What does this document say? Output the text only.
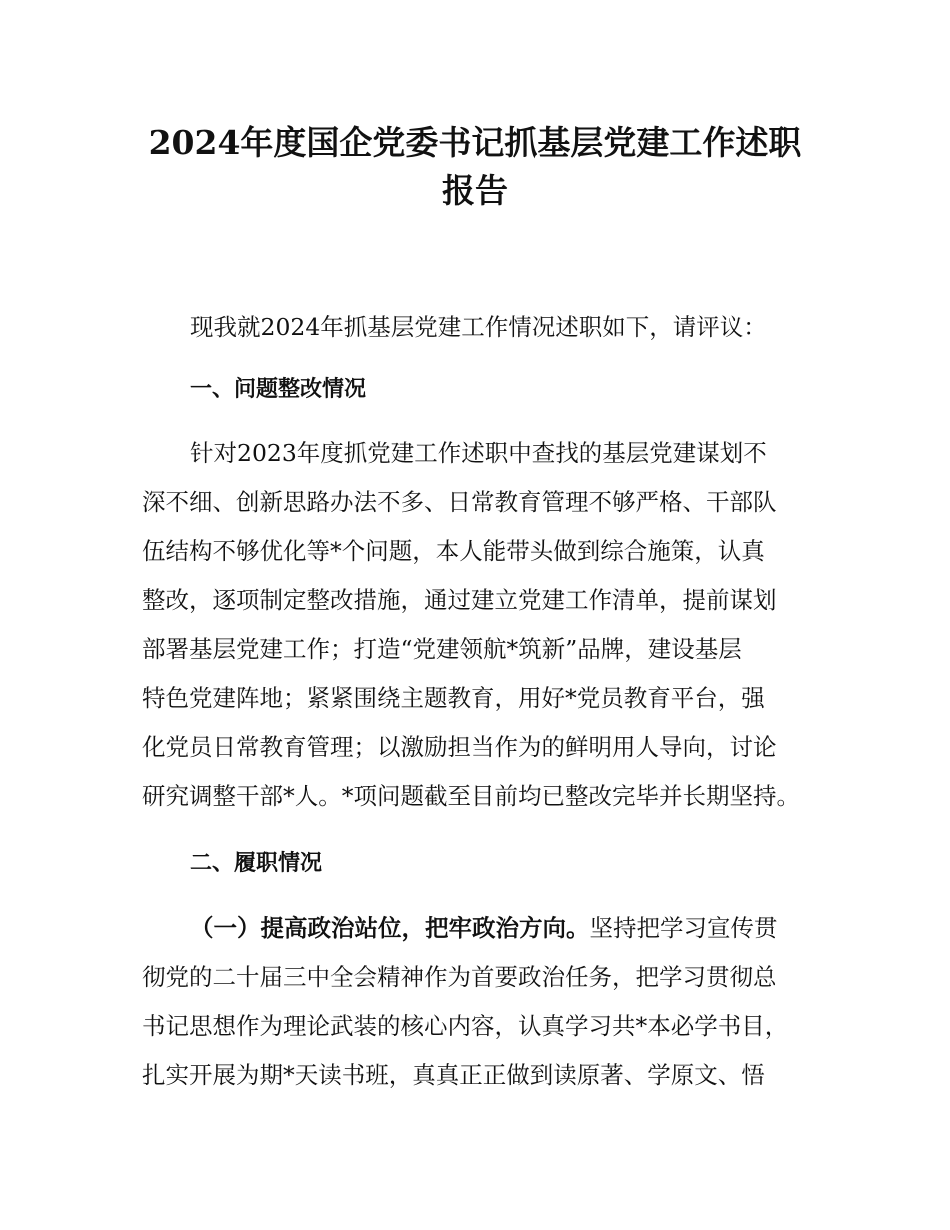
2024年度国企党委书记抓基层党建工作述职
报告
现我就2024年抓基层党建工作情况述职如下，请评议：
一、问题整改情况
针对2023年度抓党建工作述职中查找的基层党建谋划不
深不细、创新思路办法不多、日常教育管理不够严格、干部队
伍结构不够优化等*个问题，本人能带头做到综合施策，认真
整改，逐项制定整改措施，通过建立党建工作清单，提前谋划
部署基层党建工作；打造“党建领航*筑新”品牌，建设基层
特色党建阵地；紧紧围绕主题教育，用好*党员教育平台，强
化党员日常教育管理；以激励担当作为的鲜明用人导向，讨论
研究调整干部*人。*项问题截至目前均已整改完毕并长期坚持。
二、履职情况
（一）提高政治站位，把牢政治方向。坚持把学习宣传贯
彻党的二十届三中全会精神作为首要政治任务，把学习贯彻总
书记思想作为理论武装的核心内容，认真学习共*本必学书目，
扎实开展为期*天读书班，真真正正做到读原著、学原文、悟
